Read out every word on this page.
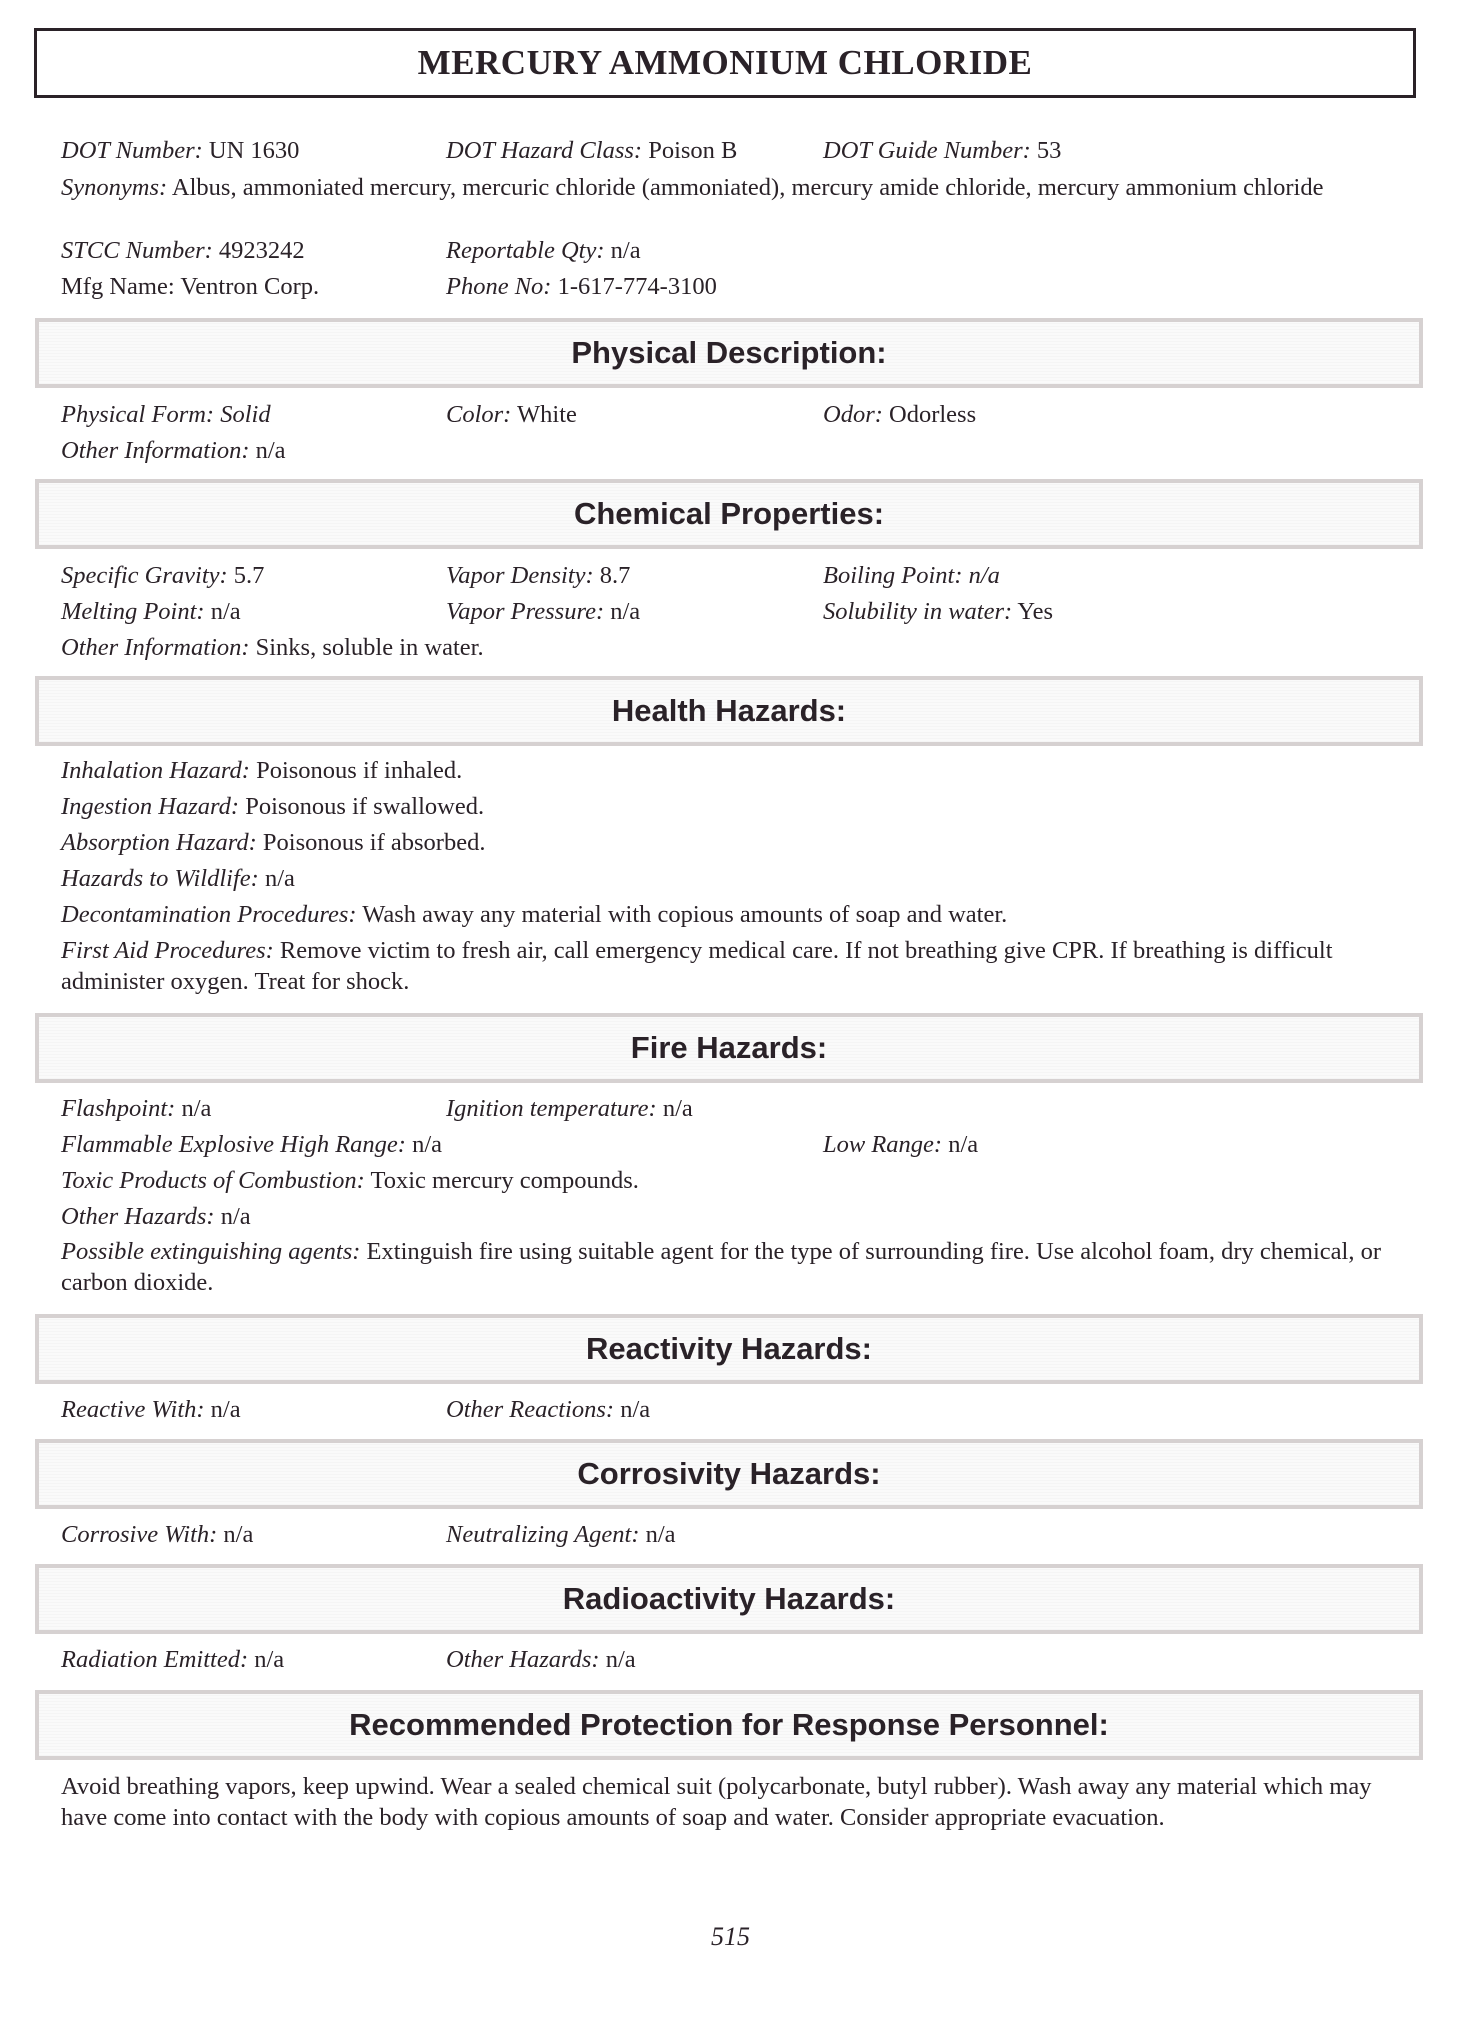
MERCURY AMMONIUM CHLORIDE
DOT Number: UN 1630	DOT Hazard Class: Poison B	DOT Guide Number: 53
Synonyms: Albus, ammoniated mercury, mercuric chloride (ammoniated), mercury amide chloride, mercury ammonium chloride
STCC Number: 4923242	Reportable Qty: n/a
Mfg Name: Ventron Corp.	Phone No: 1-617-774-3100
Physical Description:
Physical Form: Solid	Color: White	Odor: Odorless
Other Information: n/a
Chemical Properties:
Specific Gravity: 5.7	Vapor Density: 8.7	Boiling Point: n/a
Melting Point: n/a	Vapor Pressure: n/a	Solubility in water: Yes
Other Information: Sinks, soluble in water.
Health Hazards:
Inhalation Hazard: Poisonous if inhaled.
Ingestion Hazard: Poisonous if swallowed.
Absorption Hazard: Poisonous if absorbed.
Hazards to Wildlife: n/a
Decontamination Procedures: Wash away any material with copious amounts of soap and water.
First Aid Procedures: Remove victim to fresh air, call emergency medical care. If not breathing give CPR. If breathing is difficult administer oxygen. Treat for shock.
Fire Hazards:
Flashpoint: n/a	Ignition temperature: n/a
Flammable Explosive High Range: n/a	Low Range: n/a
Toxic Products of Combustion: Toxic mercury compounds.
Other Hazards: n/a
Possible extinguishing agents: Extinguish fire using suitable agent for the type of surrounding fire. Use alcohol foam, dry chemical, or carbon dioxide.
Reactivity Hazards:
Reactive With: n/a	Other Reactions: n/a
Corrosivity Hazards:
Corrosive With: n/a	Neutralizing Agent: n/a
Radioactivity Hazards:
Radiation Emitted: n/a	Other Hazards: n/a
Recommended Protection for Response Personnel:
Avoid breathing vapors, keep upwind. Wear a sealed chemical suit (polycarbonate, butyl rubber). Wash away any material which may have come into contact with the body with copious amounts of soap and water. Consider appropriate evacuation.
515
